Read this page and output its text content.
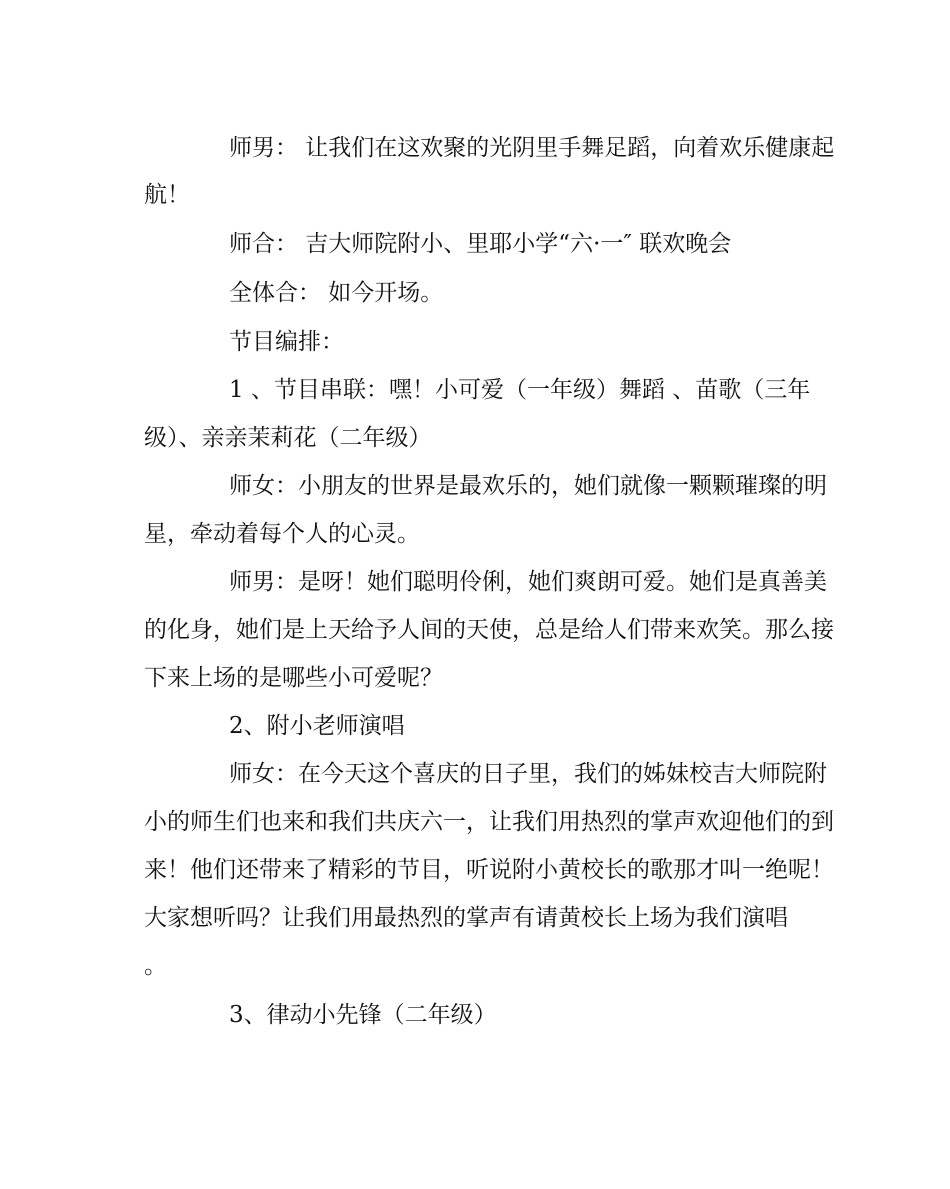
师男： 让我们在这欢聚的光阴里手舞足蹈，向着欢乐健康起
航！
师合： 吉大师院附小、里耶小学“六·一″ 联欢晚会
全体合： 如今开场。
节目编排：
1 、节目串联：嘿！小可爱（一年级）舞蹈 、苗歌（三年
级）、亲亲茉莉花（二年级）
师女：小朋友的世界是最欢乐的，她们就像一颗颗璀璨的明
星，牵动着每个人的心灵。
师男：是呀！她们聪明伶俐，她们爽朗可爱。她们是真善美
的化身，她们是上天给予人间的天使，总是给人们带来欢笑。那么接
下来上场的是哪些小可爱呢？
2、附小老师演唱
师女：在今天这个喜庆的日子里，我们的姊妹校吉大师院附
小的师生们也来和我们共庆六一，让我们用热烈的掌声欢迎他们的到
来！他们还带来了精彩的节目，听说附小黄校长的歌那才叫一绝呢！
大家想听吗？让我们用最热烈的掌声有请黄校长上场为我们演唱
。
3、律动小先锋（二年级）
